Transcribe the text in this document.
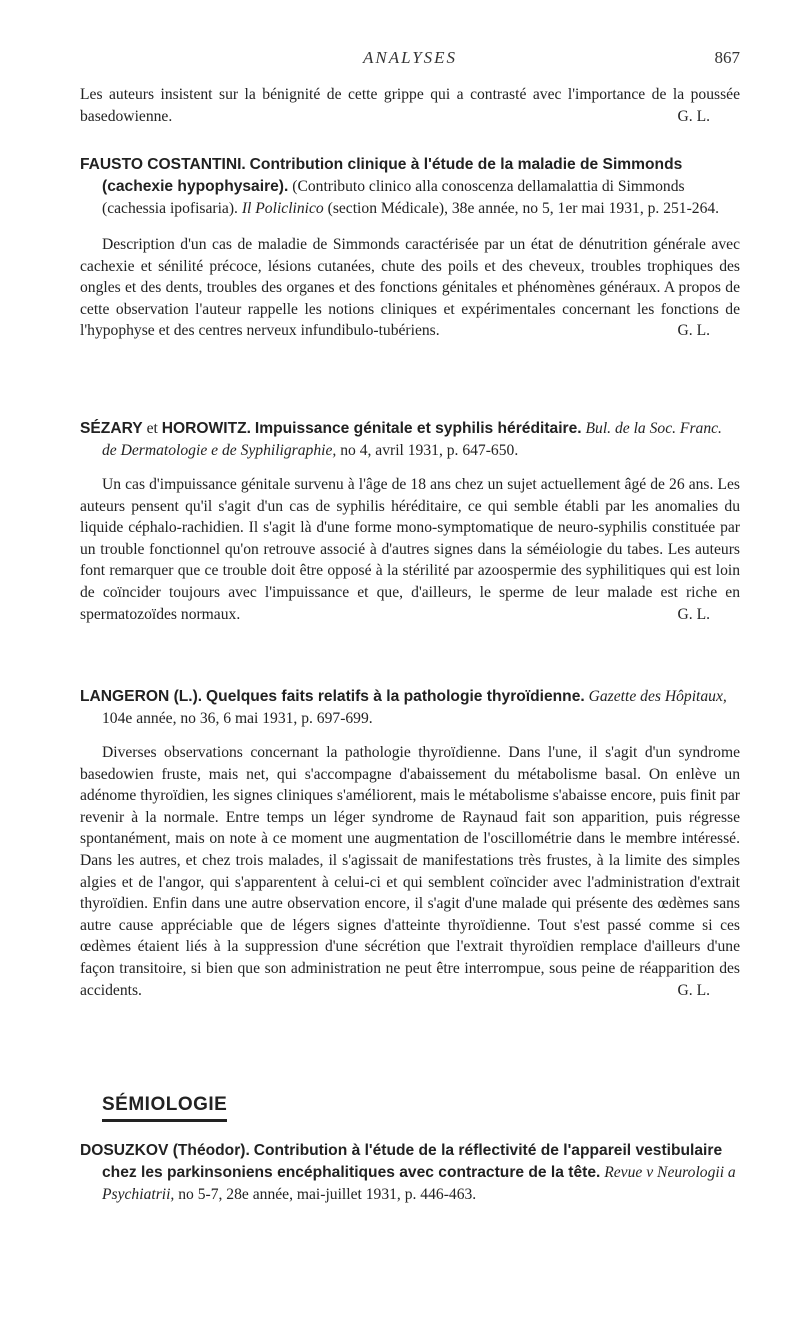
ANALYSES	867

Les auteurs insistent sur la bénignité de cette grippe qui a contrasté avec l'importance de la poussée basedowienne.	G. L.

FAUSTO COSTANTINI. Contribution clinique à l'étude de la maladie de Simmonds (cachexie hypophysaire). (Contributo clinico alla conoscenza dellamalattia di Simmonds (cachessia ipofisaria). Il Policlinico (section Médicale), 38e année, no 5, 1er mai 1931, p. 251-264.

Description d'un cas de maladie de Simmonds caractérisée par un état de dénutrition générale avec cachexie et sénilité précoce, lésions cutanées, chute des poils et des cheveux, troubles trophiques des ongles et des dents, troubles des organes et des fonctions génitales et phénomènes généraux. A propos de cette observation l'auteur rappelle les notions cliniques et expérimentales concernant les fonctions de l'hypophyse et des centres nerveux infundibulo-tubériens.	G. L.

SÉZARY et HOROWITZ. Impuissance génitale et syphilis héréditaire. Bul. de la Soc. Franc. de Dermatologie e de Syphiligraphie, no 4, avril 1931, p. 647-650.

Un cas d'impuissance génitale survenu à l'âge de 18 ans chez un sujet actuellement âgé de 26 ans. Les auteurs pensent qu'il s'agit d'un cas de syphilis héréditaire, ce qui semble établi par les anomalies du liquide céphalo-rachidien. Il s'agit là d'une forme mono-symptomatique de neuro-syphilis constituée par un trouble fonctionnel qu'on retrouve associé à d'autres signes dans la séméiologie du tabes. Les auteurs font remarquer que ce trouble doit être opposé à la stérilité par azoospermie des syphilitiques qui est loin de coïncider toujours avec l'impuissance et que, d'ailleurs, le sperme de leur malade est riche en spermatozoïdes normaux.	G. L.

LANGERON (L.). Quelques faits relatifs à la pathologie thyroïdienne. Gazette des Hôpitaux, 104e année, no 36, 6 mai 1931, p. 697-699.

Diverses observations concernant la pathologie thyroïdienne. Dans l'une, il s'agit d'un syndrome basedowien fruste, mais net, qui s'accompagne d'abaissement du métabolisme basal. On enlève un adénome thyroïdien, les signes cliniques s'améliorent, mais le métabolisme s'abaisse encore, puis finit par revenir à la normale. Entre temps un léger syndrome de Raynaud fait son apparition, puis régresse spontanément, mais on note à ce moment une augmentation de l'oscillométrie dans le membre intéressé. Dans les autres, et chez trois malades, il s'agissait de manifestations très frustes, à la limite des simples algies et de l'angor, qui s'apparentent à celui-ci et qui semblent coïncider avec l'administration d'extrait thyroïdien. Enfin dans une autre observation encore, il s'agit d'une malade qui présente des œdèmes sans autre cause appréciable que de légers signes d'atteinte thyroïdienne. Tout s'est passé comme si ces œdèmes étaient liés à la suppression d'une sécrétion que l'extrait thyroïdien remplace d'ailleurs d'une façon transitoire, si bien que son administration ne peut être interrompue, sous peine de réapparition des accidents.	G. L.

SÉMIOLOGIE

DOSUZKOV (Théodor). Contribution à l'étude de la réflectivité de l'appareil vestibulaire chez les parkinsoniens encéphalitiques avec contracture de la tête. Revue v Neurologii a Psychiatrii, no 5-7, 28e année, mai-juillet 1931, p. 446-463.
